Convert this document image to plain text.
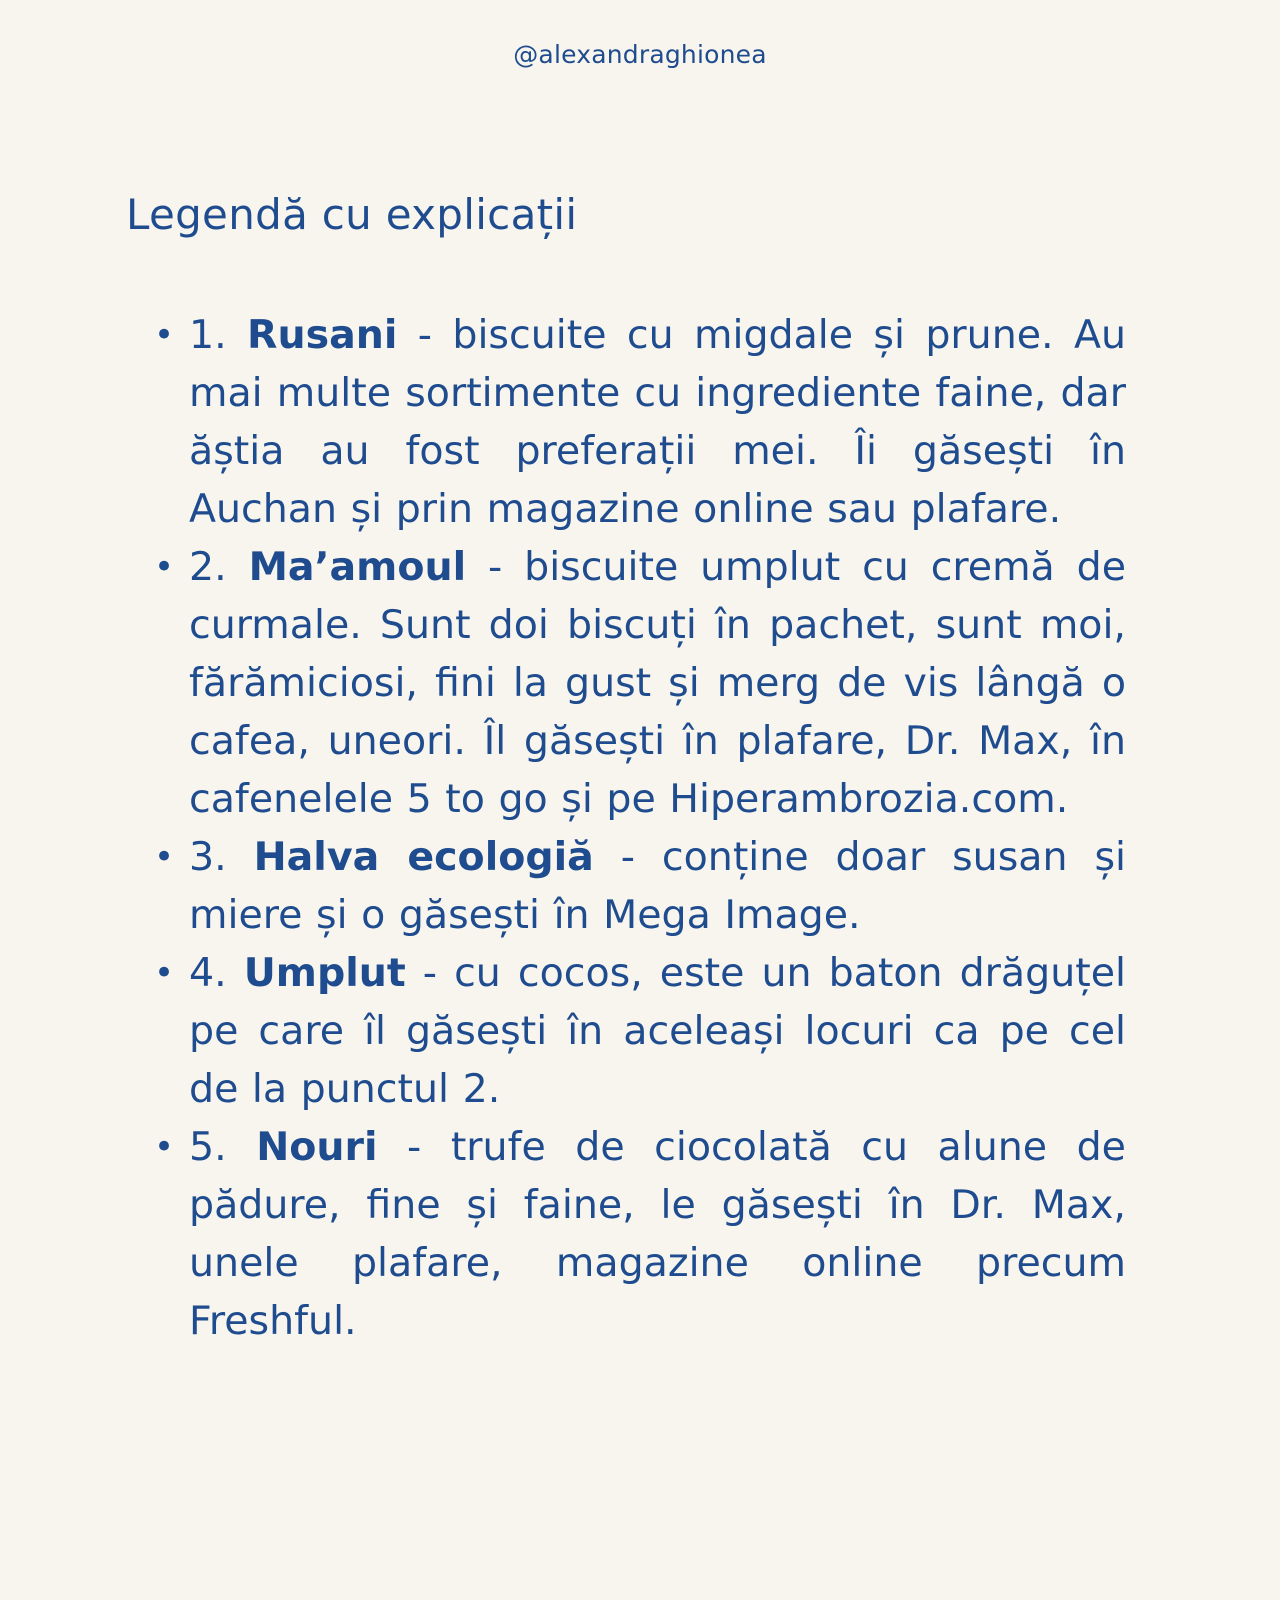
@alexandraghionea
Legendă cu explicații
• 1. Rusani - biscuite cu migdale și prune. Au mai multe sortimente cu ingrediente faine, dar ăștia au fost preferații mei. Îi găsești în Auchan și prin magazine online sau plafare.
• 2. Ma’amoul - biscuite umplut cu cremă de curmale. Sunt doi biscuți în pachet, sunt moi, fărămiciosi, fini la gust și merg de vis lângă o cafea, uneori. Îl găsești în plafare, Dr. Max, în cafenelele 5 to go și pe Hiperambrozia.com.
• 3. Halva ecologiă - conține doar susan și miere și o găsești în Mega Image.
• 4. Umplut - cu cocos, este un baton drăguțel pe care îl găsești în aceleași locuri ca pe cel de la punctul 2.
• 5. Nouri - trufe de ciocolată cu alune de pădure, fine și faine, le găsești în Dr. Max, unele plafare, magazine online precum Freshful.
